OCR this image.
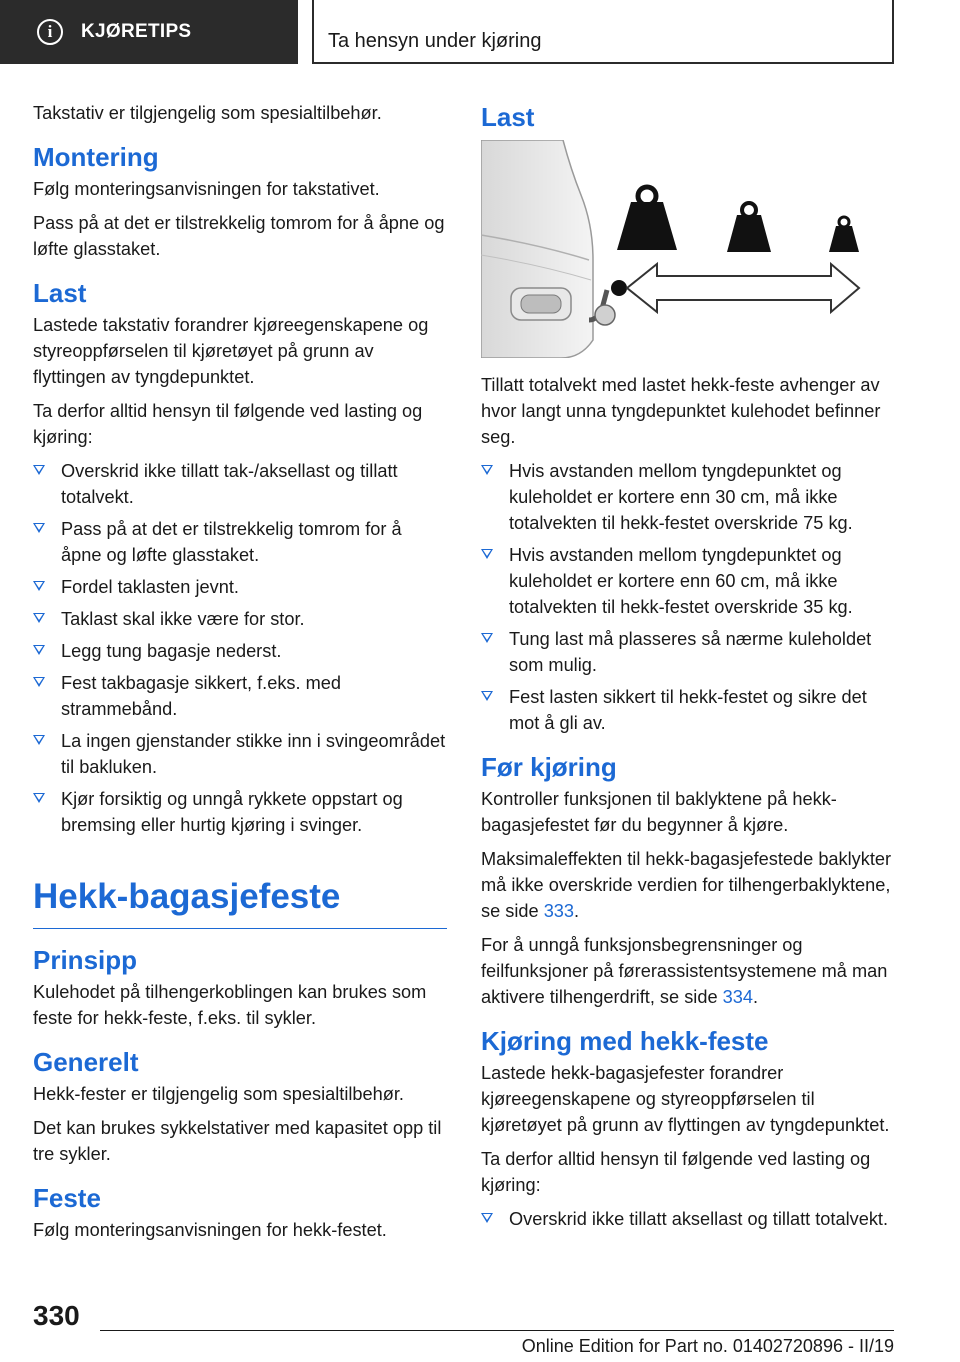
i	KJØRETIPS	Ta hensyn under kjøring

Takstativ er tilgjengelig som spesialtilbehør.

Montering

Følg monteringsanvisningen for takstativet.

Pass på at det er tilstrekkelig tomrom for å åpne og løfte glasstaket.

Last

Lastede takstativ forandrer kjøreegenskapene og styreoppførselen til kjøretøyet på grunn av flyttingen av tyngdepunktet.

Ta derfor alltid hensyn til følgende ved lasting og kjøring:

Overskrid ikke tillatt tak-/aksellast og tillatt totalvekt.
Pass på at det er tilstrekkelig tomrom for å åpne og løfte glasstaket.
Fordel taklasten jevnt.
Taklast skal ikke være for stor.
Legg tung bagasje nederst.
Fest takbagasje sikkert, f.eks. med strammebånd.
La ingen gjenstander stikke inn i svingeområdet til bakluken.
Kjør forsiktig og unngå rykkete oppstart og bremsing eller hurtig kjøring i svinger.
Hekk-bagasjefeste
Prinsipp

Kulehodet på tilhengerkoblingen kan brukes som feste for hekk-feste, f.eks. til sykler.

Generelt

Hekk-fester er tilgjengelig som spesialtilbehør.

Det kan brukes sykkelstativer med kapasitet opp til tre sykler.

Feste

Følg monteringsanvisningen for hekk-festet.

Last

Tillatt totalvekt med lastet hekk-feste avhenger av hvor langt unna tyngdepunktet kulehodet befinner seg.

Hvis avstanden mellom tyngdepunktet og kuleholdet er kortere enn 30 cm, må ikke totalvekten til hekk-festet overskride 75 kg.
Hvis avstanden mellom tyngdepunktet og kuleholdet er kortere enn 60 cm, må ikke totalvekten til hekk-festet overskride 35 kg.
Tung last må plasseres så nærme kuleholdet som mulig.
Fest lasten sikkert til hekk-festet og sikre det mot å gli av.
Før kjøring

Kontroller funksjonen til baklyktene på hekk-bagasjefestet før du begynner å kjøre.

Maksimaleffekten til hekk-bagasjefestede baklykter må ikke overskride verdien for tilhengerbaklyktene, se side 333.

For å unngå funksjonsbegrensninger og feilfunksjoner på førerassistentsystemene må man aktivere tilhengerdrift, se side 334.

Kjøring med hekk-feste

Lastede hekk-bagasjefester forandrer kjøreegenskapene og styreoppførselen til kjøretøyet på grunn av flyttingen av tyngdepunktet.

Ta derfor alltid hensyn til følgende ved lasting og kjøring:

Overskrid ikke tillatt aksellast og tillatt totalvekt.
330
Online Edition for Part no. 01402720896 - II/19
